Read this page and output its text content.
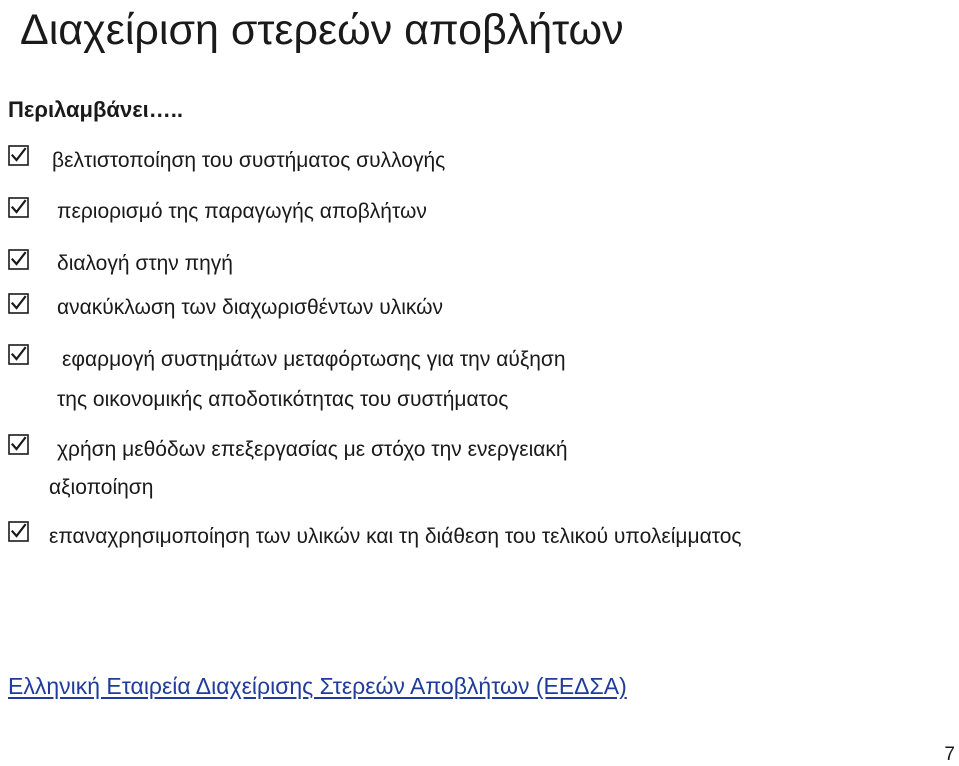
Διαχείριση στερεών αποβλήτων
Περιλαμβάνει…..
βελτιστοποίηση του συστήματος συλλογής
περιορισμό της παραγωγής αποβλήτων
διαλογή στην πηγή
ανακύκλωση των διαχωρισθέντων υλικών
εφαρμογή συστημάτων μεταφόρτωσης για την αύξηση
της οικονομικής αποδοτικότητας του συστήματος
χρήση μεθόδων επεξεργασίας με στόχο την ενεργειακή
αξιοποίηση
επαναχρησιμοποίηση των υλικών και τη διάθεση του τελικού υπολείμματος
Ελληνική Εταιρεία Διαχείρισης Στερεών Αποβλήτων (ΕΕΔΣΑ)
7
